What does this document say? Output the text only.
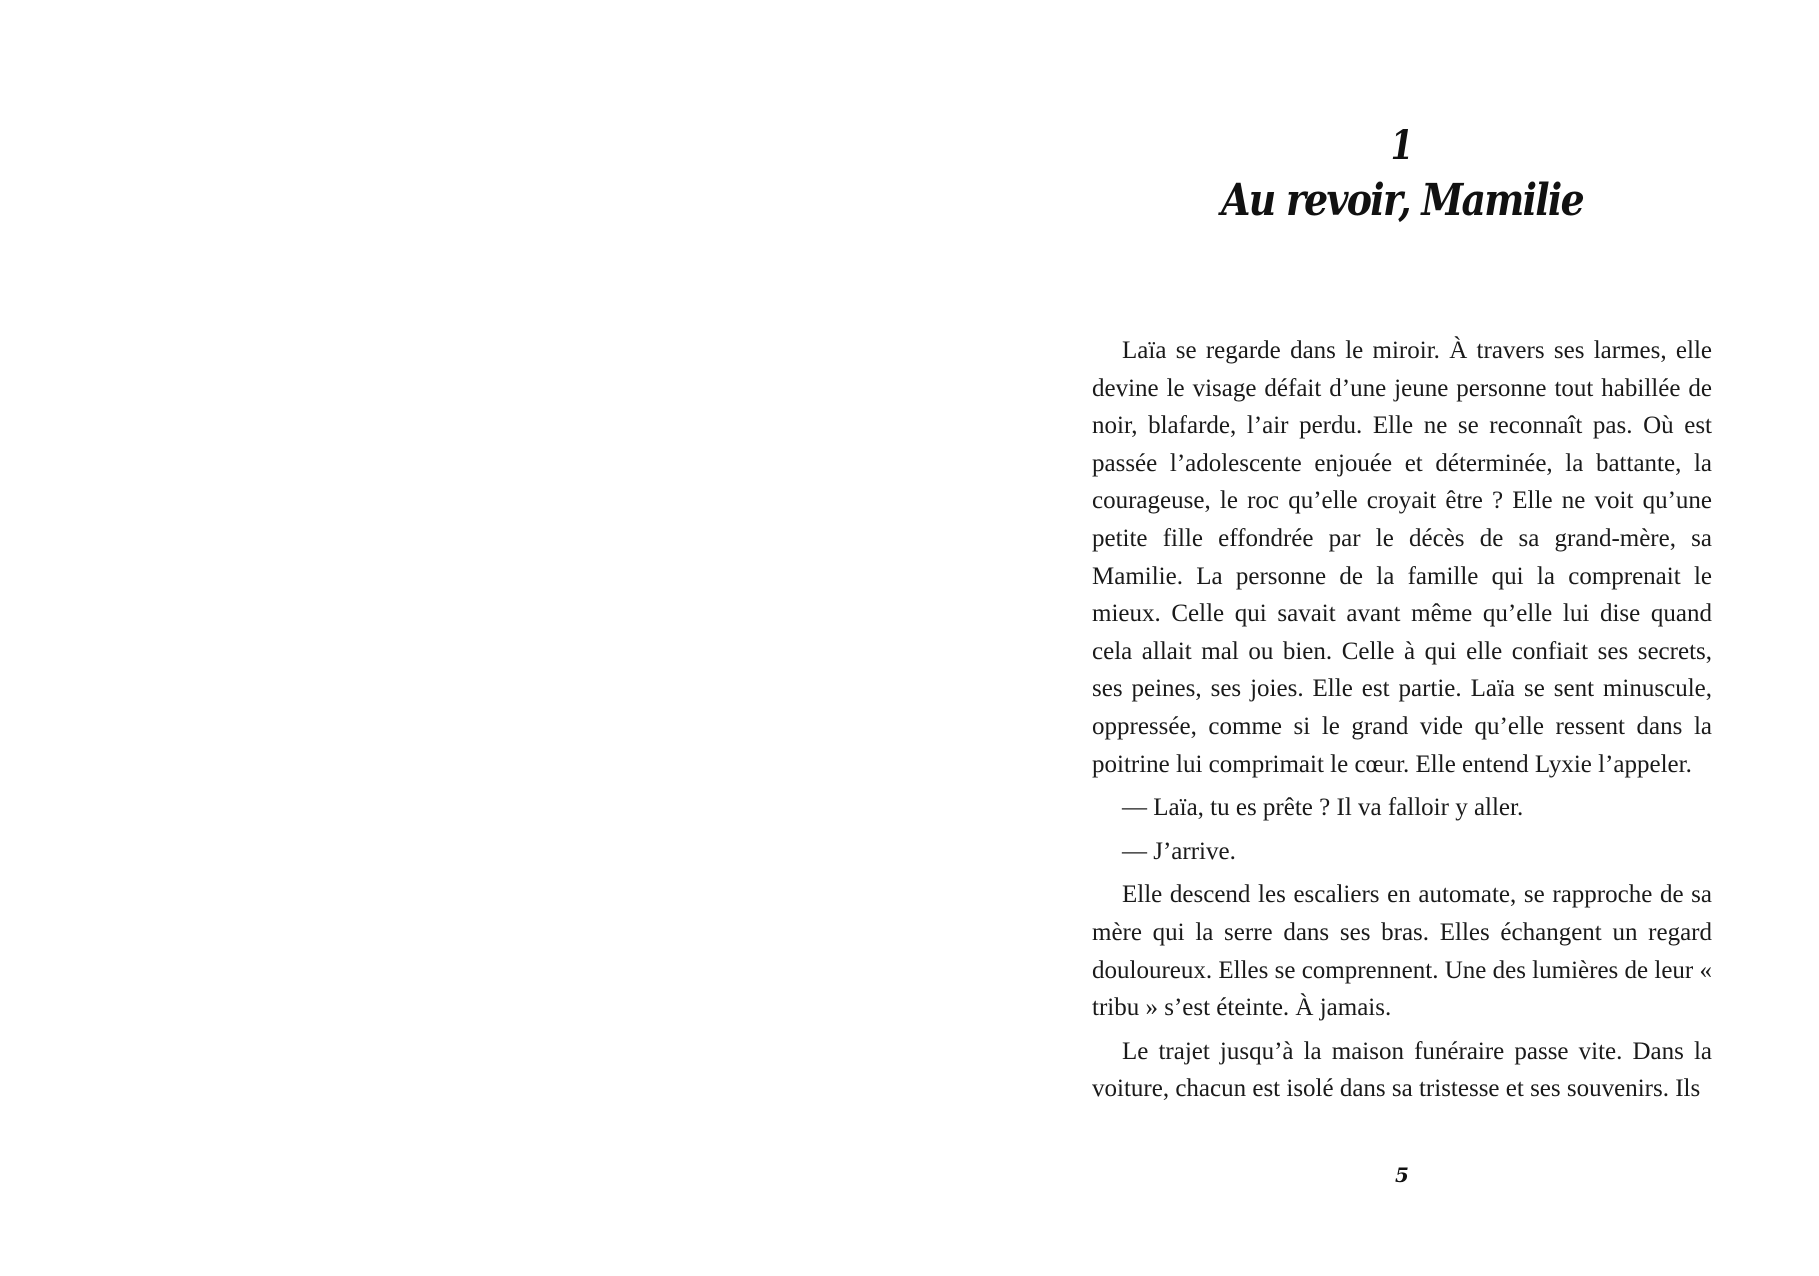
1
Au revoir, Mamilie

Laïa se regarde dans le miroir. À travers ses larmes, elle devine le visage défait d’une jeune personne tout habillée de noir, blafarde, l’air perdu. Elle ne se reconnaît pas. Où est passée l’adolescente enjouée et déterminée, la battante, la courageuse, le roc qu’elle croyait être ? Elle ne voit qu’une petite fille effondrée par le décès de sa grand-mère, sa Mamilie. La personne de la famille qui la comprenait le mieux. Celle qui savait avant même qu’elle lui dise quand cela allait mal ou bien. Celle à qui elle confiait ses secrets, ses peines, ses joies. Elle est partie. Laïa se sent minuscule, oppressée, comme si le grand vide qu’elle ressent dans la poitrine lui comprimait le cœur. Elle entend Lyxie l’appeler.

— Laïa, tu es prête ? Il va falloir y aller.

— J’arrive.

Elle descend les escaliers en automate, se rapproche de sa mère qui la serre dans ses bras. Elles échangent un regard douloureux. Elles se comprennent. Une des lumières de leur « tribu » s’est éteinte. À jamais.

Le trajet jusqu’à la maison funéraire passe vite. Dans la voiture, chacun est isolé dans sa tristesse et ses souvenirs. Ils

5
